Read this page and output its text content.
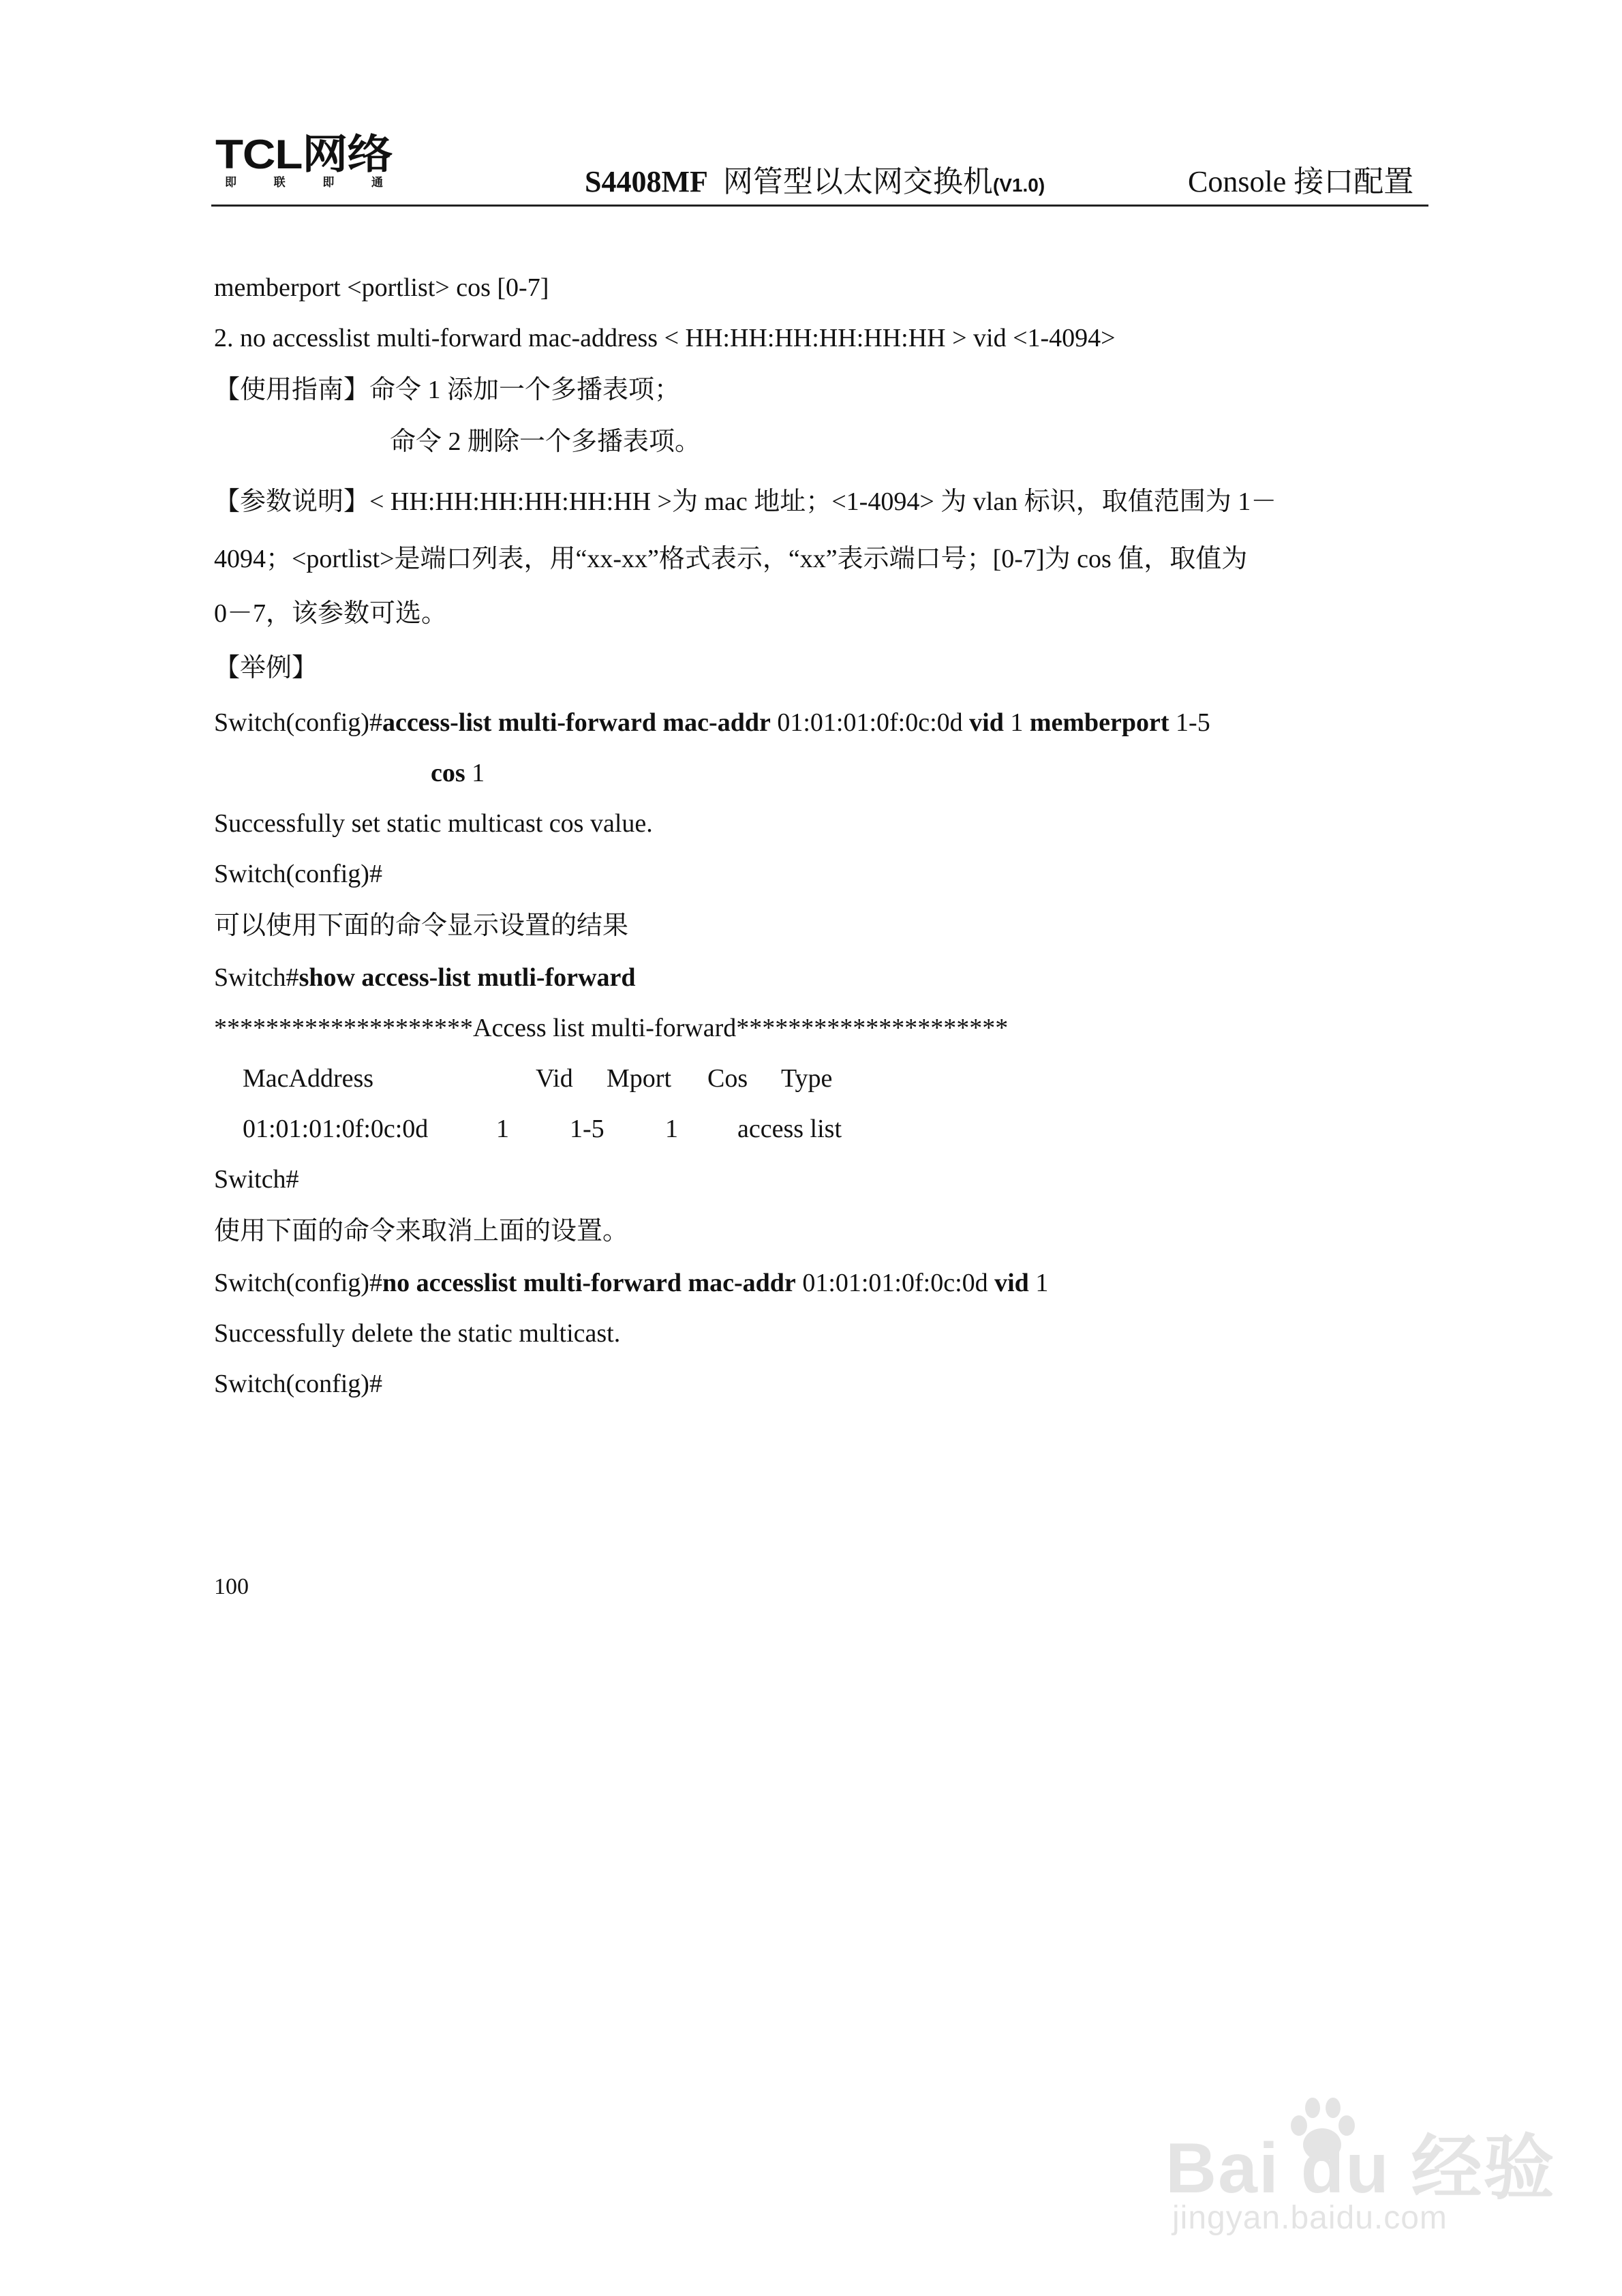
TCL网络
即	联	即	通	S4408MF 网管型以太网交换机(V1.0)	Console 接口配置
memberport <portlist> cos [0-7]
2. no accesslist multi-forward mac-address < HH:HH:HH:HH:HH:HH > vid <1-4094>
【使用指南】命令 1 添加一个多播表项；
命令 2 删除一个多播表项。
【参数说明】< HH:HH:HH:HH:HH:HH >为 mac 地址；<1-4094> 为 vlan 标识，取值范围为 1－
4094；<portlist>是端口列表，用“xx-xx”格式表示，“xx”表示端口号；[0-7]为 cos 值，取值为
0－7，该参数可选。
【举例】
Switch(config)#access-list multi-forward mac-addr 01:01:01:0f:0c:0d vid 1 memberport 1-5
cos 1
Successfully set static multicast cos value.
Switch(config)#
可以使用下面的命令显示设置的结果
Switch#show access-list mutli-forward
********************Access list multi-forward*********************
MacAddress	Vid Mport Cos Type
01:01:01:0f:0c:0d	1 1-5 1 access list
Switch#
使用下面的命令来取消上面的设置。
Switch(config)#no accesslist multi-forward mac-addr 01:01:01:0f:0c:0d vid 1
Successfully delete the static multicast.
Switch(config)#
100
Bai du 经验
jingyan.baidu.com
